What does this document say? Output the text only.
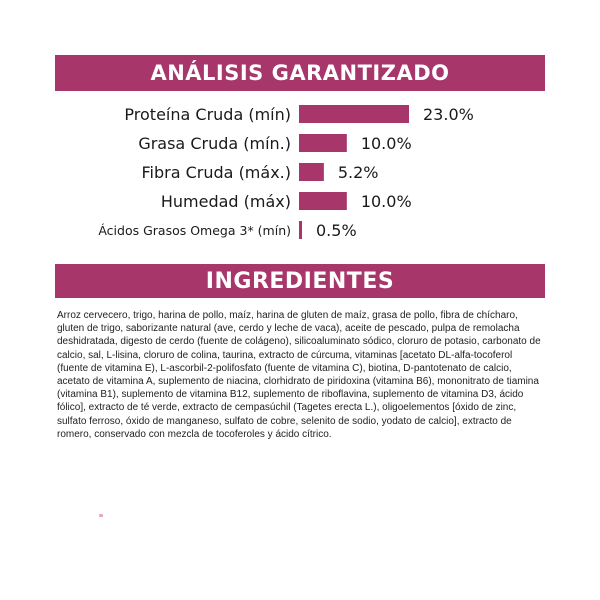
ANÁLISIS GARANTIZADO
Proteína Cruda (mín)	23.0%
Grasa Cruda (mín.)	10.0%
Fibra Cruda (máx.)	5.2%
Humedad (máx)	10.0%
Ácidos Grasos Omega 3* (mín) 0.5%
INGREDIENTES

Arroz cervecero, trigo, harina de pollo, maíz, harina de gluten de maíz, grasa de pollo, fibra de chícharo, gluten de trigo, saborizante natural (ave, cerdo y leche de vaca), aceite de pescado, pulpa de remolacha deshidratada, digesto de cerdo (fuente de colágeno), silicoaluminato sódico, cloruro de potasio, carbonato de calcio, sal, L-lisina, cloruro de colina, taurina, extracto de cúrcuma, vitaminas [acetato DL-alfa-tocoferol (fuente de vitamina E), L-ascorbil-2-polifosfato (fuente de vitamina C), biotina, D-pantotenato de calcio, acetato de vitamina A, suplemento de niacina, clorhidrato de piridoxina (vitamina B6), mononitrato de tiamina (vitamina B1), suplemento de vitamina B12, suplemento de riboflavina, suplemento de vitamina D3, ácido fólico], extracto de té verde, extracto de cempasúchil (Tagetes erecta L.), oligoelementos [óxido de zinc, sulfato ferroso, óxido de manganeso, sulfato de cobre, selenito de sodio, yodato de calcio], extracto de romero, conservado con mezcla de tocoferoles y ácido cítrico.
